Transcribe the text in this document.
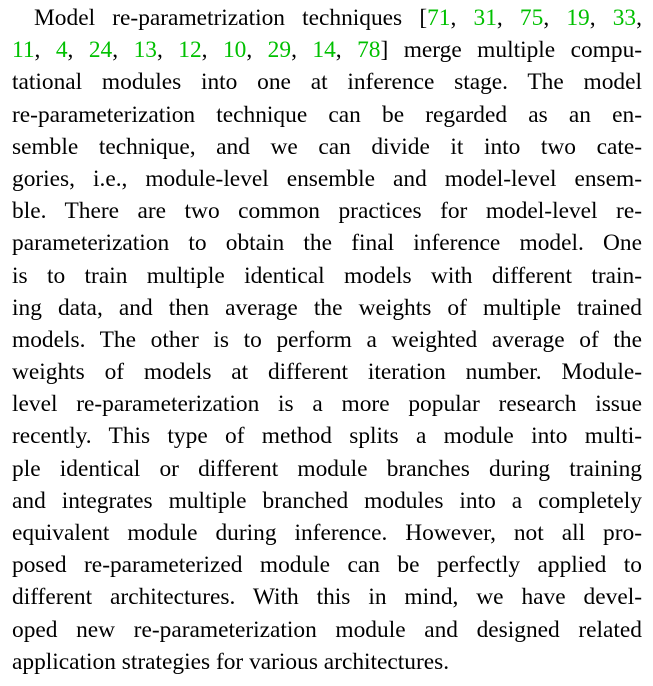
Model re-parametrization techniques [71, 31, 75, 19, 33,
11, 4, 24, 13, 12, 10, 29, 14, 78] merge multiple compu-
tational modules into one at inference stage. The model
re-parameterization technique can be regarded as an en-
semble technique, and we can divide it into two cate-
gories, i.e., module-level ensemble and model-level ensem-
ble. There are two common practices for model-level re-
parameterization to obtain the final inference model. One
is to train multiple identical models with different train-
ing data, and then average the weights of multiple trained
models. The other is to perform a weighted average of the
weights of models at different iteration number. Module-
level re-parameterization is a more popular research issue
recently. This type of method splits a module into multi-
ple identical or different module branches during training
and integrates multiple branched modules into a completely
equivalent module during inference. However, not all pro-
posed re-parameterized module can be perfectly applied to
different architectures. With this in mind, we have devel-
oped new re-parameterization module and designed related
application strategies for various architectures.
